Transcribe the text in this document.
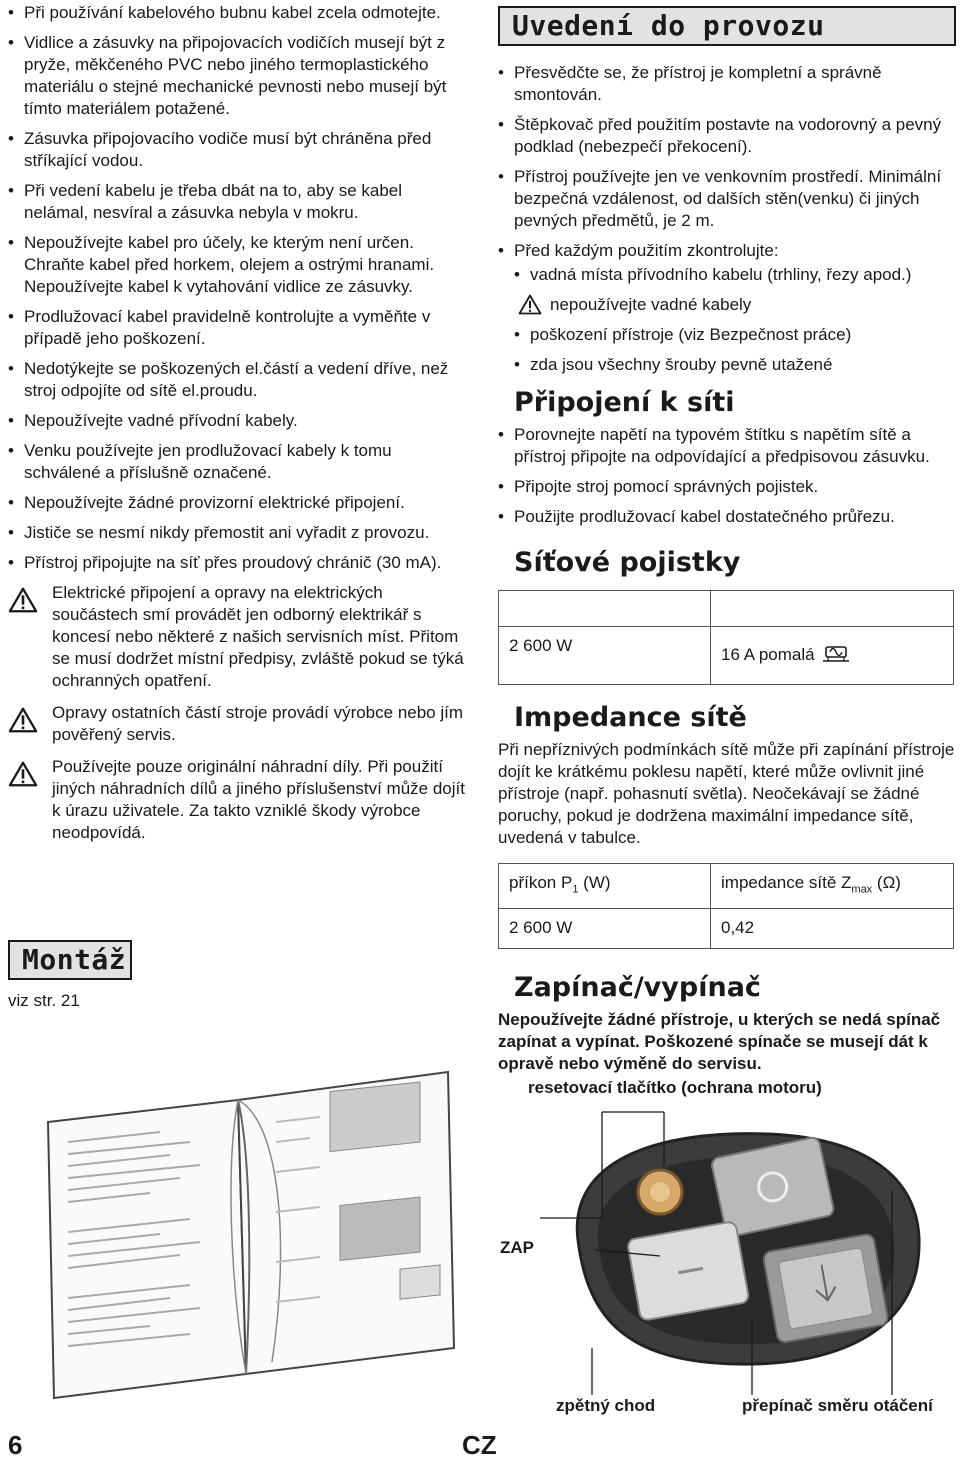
• Při používání kabelového bubnu kabel zcela odmotejte.
• Vidlice a zásuvky na připojovacích vodičích musejí být z pryže, měkčeného PVC nebo jiného termoplastického materiálu o stejné mechanické pevnosti nebo musejí být tímto materiálem potažené.
• Zásuvka připojovacího vodiče musí být chráněna před stříkající vodou.
• Při vedení kabelu je třeba dbát na to, aby se kabel nelámal, nesvíral a zásuvka nebyla v mokru.
• Nepoužívejte kabel pro účely, ke kterým není určen. Chraňte kabel před horkem, olejem a ostrými hranami. Nepoužívejte kabel k vytahování vidlice ze zásuvky.
• Prodlužovací kabel pravidelně kontrolujte a vyměňte v případě jeho poškození.
• Nedotýkejte se poškozených el.částí a vedení dříve, než stroj odpojíte od sítě el.proudu.
• Nepoužívejte vadné přívodní kabely.
• Venku používejte jen prodlužovací kabely k tomu schválené a příslušně označené.
• Nepoužívejte žádné provizorní elektrické připojení.
• Jističe se nesmí nikdy přemostit ani vyřadit z provozu.
• Přístroj připojujte na síť přes proudový chránič (30 mA).
Elektrické připojení a opravy na elektrických součástech smí provádět jen odborný elektrikář s koncesí nebo některé z našich servisních míst. Přitom se musí dodržet místní předpisy, zvláště pokud se týká ochranných opatření.
Opravy ostatních částí stroje provádí výrobce nebo jím pověřený servis.
Používejte pouze originální náhradní díly. Při použití jiných náhradních dílů a jiného příslušenství může dojít k úrazu uživatele. Za takto vzniklé škody výrobce neodpovídá.
Montáž
viz str. 21
Uvedení do provozu
• Přesvědčte se, že přístroj je kompletní a správně smontován.
• Štěpkovač před použitím postavte na vodorovný a pevný podklad (nebezpečí překocení).
• Přístroj používejte jen ve venkovním prostředí. Minimální bezpečná vzdálenost, od dalších stěn(venku) či jiných pevných předmětů, je 2 m.
• Před každým použitím zkontrolujte:
• vadná místa přívodního kabelu (trhliny, řezy apod.)
nepoužívejte vadné kabely
• poškození přístroje (viz Bezpečnost práce)
• zda jsou všechny šrouby pevně utažené
Připojení k síti
• Porovnejte napětí na typovém štítku s napětím sítě a přístroj připojte na odpovídající a předpisovou zásuvku.
• Připojte stroj pomocí správných pojistek.
• Použijte prodlužovací kabel dostatečného průřezu.
Síťové pojistky

2 600 W	16 A pomalá
Impedance sítě
Při nepříznivých podmínkách sítě může při zapínání přístroje dojít ke krátkému poklesu napětí, které může ovlivnit jiné přístroje (např. pohasnutí světla). Neočekávají se žádné poruchy, pokud je dodržena maximální impedance sítě, uvedená v tabulce.
příkon $P_1$ (W)	impedance sítě $Z_{max}$ (Ω)
2 600 W	0,42
Zapínač/vypínač
Nepoužívejte žádné přístroje, u kterých se nedá spínač zapínat a vypínat. Poškozené spínače se musejí dát k opravě nebo výměně do servisu.
resetovací tlačítko (ochrana motoru)
ZAP
zpětný chod	přepínač směru otáčení
6	CZ
